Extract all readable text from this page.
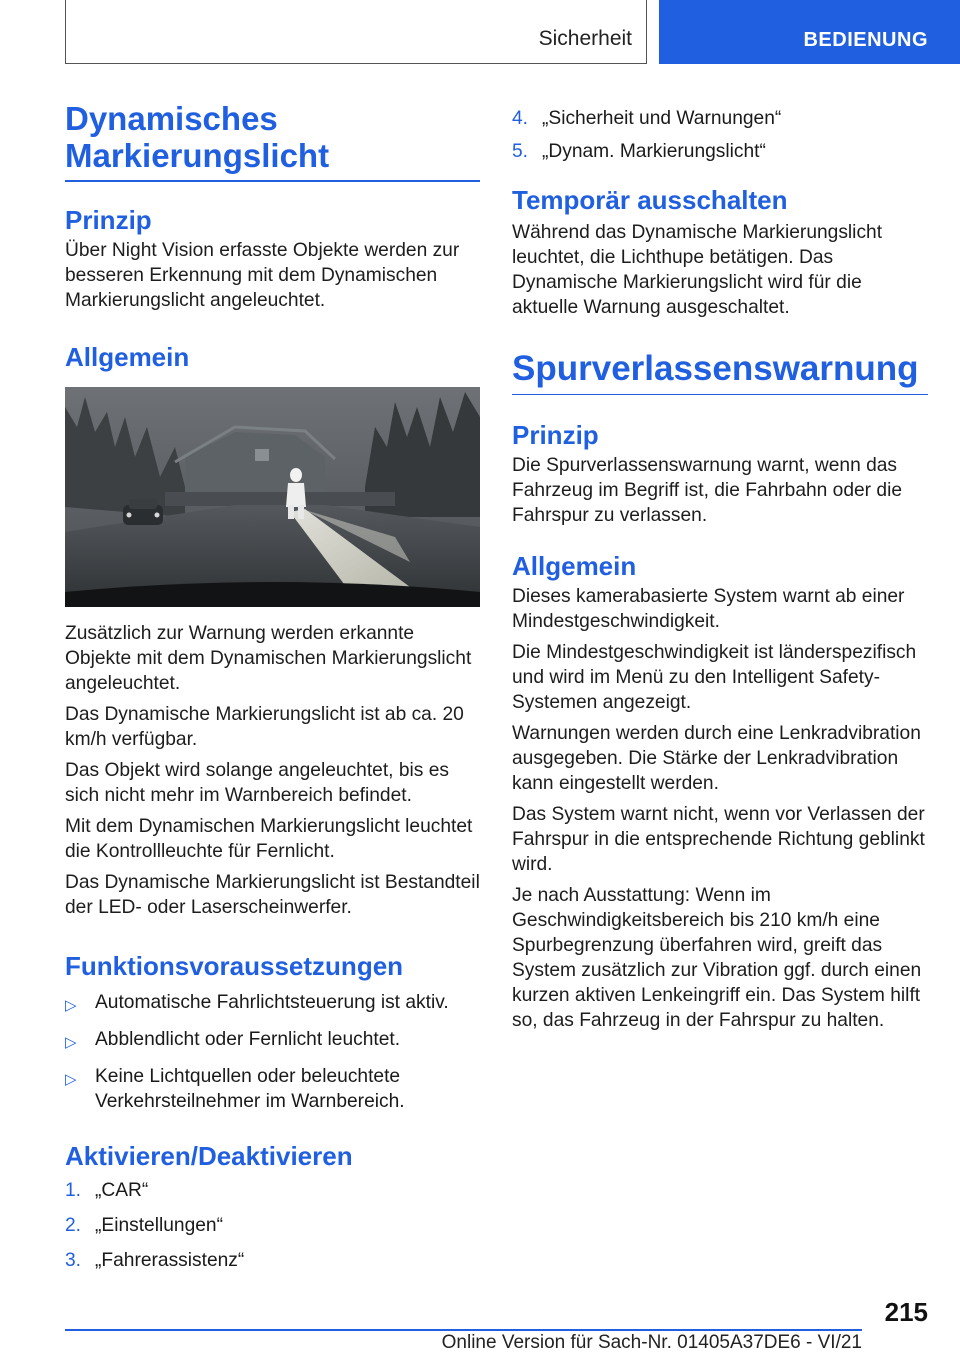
Sicherheit	BEDIENUNG
Dynamisches Markierungslicht
Prinzip

Über Night Vision erfasste Objekte werden zur besseren Erkennung mit dem Dynamischen Markierungslicht angeleuchtet.

Allgemein

Zusätzlich zur Warnung werden erkannte Objekte mit dem Dynamischen Markierungslicht angeleuchtet.

Das Dynamische Markierungslicht ist ab ca. 20 km/h verfügbar.

Das Objekt wird solange angeleuchtet, bis es sich nicht mehr im Warnbereich befindet.

Mit dem Dynamischen Markierungslicht leuchtet die Kontrollleuchte für Fernlicht.

Das Dynamische Markierungslicht ist Bestandteil der LED- oder Laserscheinwerfer.

Funktionsvoraussetzungen
▷ Automatische Fahrlichtsteuerung ist aktiv.
▷ Abblendlicht oder Fernlicht leuchtet.
▷ Keine Lichtquellen oder beleuchtete Verkehrsteilnehmer im Warnbereich.
Aktivieren/Deaktivieren
1. „CAR“
2. „Einstellungen“
3. „Fahrerassistenz“
4. „Sicherheit und Warnungen“
5. „Dynam. Markierungslicht“
Temporär ausschalten

Während das Dynamische Markierungslicht leuchtet, die Lichthupe betätigen. Das Dynamische Markierungslicht wird für die aktuelle Warnung ausgeschaltet.

Spurverlassenswarnung
Prinzip

Die Spurverlassenswarnung warnt, wenn das Fahrzeug im Begriff ist, die Fahrbahn oder die Fahrspur zu verlassen.

Allgemein

Dieses kamerabasierte System warnt ab einer Mindestgeschwindigkeit.

Die Mindestgeschwindigkeit ist länderspezifisch und wird im Menü zu den Intelligent Safety-Systemen angezeigt.

Warnungen werden durch eine Lenkradvibration ausgegeben. Die Stärke der Lenkradvibration kann eingestellt werden.

Das System warnt nicht, wenn vor Verlassen der Fahrspur in die entsprechende Richtung geblinkt wird.

Je nach Ausstattung: Wenn im Geschwindigkeitsbereich bis 210 km/h eine Spurbegrenzung überfahren wird, greift das System zusätzlich zur Vibration ggf. durch einen kurzen aktiven Lenkeingriff ein. Das System hilft so, das Fahrzeug in der Fahrspur zu halten.

215
Online Version für Sach-Nr. 01405A37DE6 - VI/21
